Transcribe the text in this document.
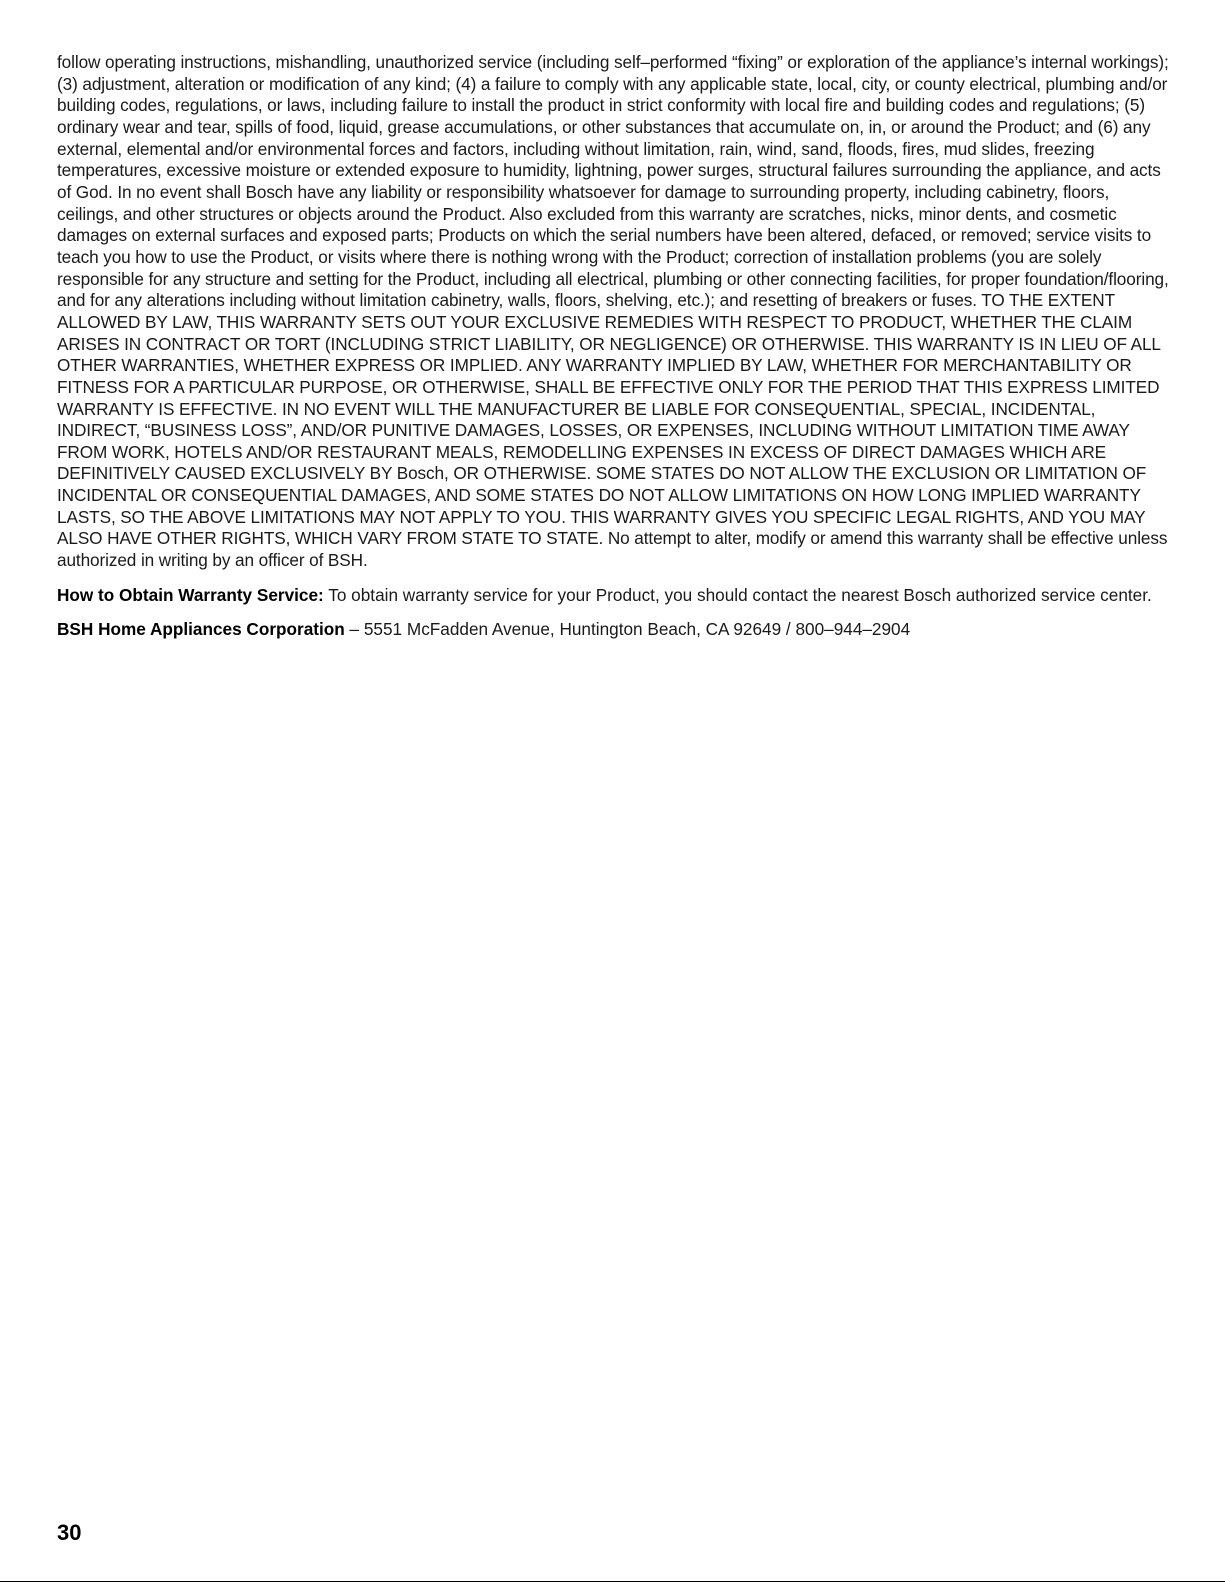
follow operating instructions, mishandling, unauthorized service (including self–performed “fixing” or exploration of the appliance’s internal workings); (3) adjustment, alteration or modification of any kind; (4) a failure to comply with any applicable state, local, city, or county electrical, plumbing and/or building codes, regulations, or laws, including failure to install the product in strict conformity with local fire and building codes and regulations; (5) ordinary wear and tear, spills of food, liquid, grease accumulations, or other substances that accumulate on, in, or around the Product; and (6) any external, elemental and/or environmental forces and factors, including without limitation, rain, wind, sand, floods, fires, mud slides, freezing temperatures, excessive moisture or extended exposure to humidity, lightning, power surges, structural failures surrounding the appliance, and acts of God. In no event shall Bosch have any liability or responsibility whatsoever for damage to surrounding property, including cabinetry, floors, ceilings, and other structures or objects around the Product. Also excluded from this warranty are scratches, nicks, minor dents, and cosmetic damages on external surfaces and exposed parts; Products on which the serial numbers have been altered, defaced, or removed; service visits to teach you how to use the Product, or visits where there is nothing wrong with the Product; correction of installation problems (you are solely responsible for any structure and setting for the Product, including all electrical, plumbing or other connecting facilities, for proper foundation/flooring, and for any alterations including without limitation cabinetry, walls, floors, shelving, etc.); and resetting of breakers or fuses. TO THE EXTENT ALLOWED BY LAW, THIS WARRANTY SETS OUT YOUR EXCLUSIVE REMEDIES WITH RESPECT TO PRODUCT, WHETHER THE CLAIM ARISES IN CONTRACT OR TORT (INCLUDING STRICT LIABILITY, OR NEGLIGENCE) OR OTHERWISE. THIS WARRANTY IS IN LIEU OF ALL OTHER WARRANTIES, WHETHER EXPRESS OR IMPLIED. ANY WARRANTY IMPLIED BY LAW, WHETHER FOR MERCHANTABILITY OR FITNESS FOR A PARTICULAR PURPOSE, OR OTHERWISE, SHALL BE EFFECTIVE ONLY FOR THE PERIOD THAT THIS EXPRESS LIMITED WARRANTY IS EFFECTIVE. IN NO EVENT WILL THE MANUFACTURER BE LIABLE FOR CONSEQUENTIAL, SPECIAL, INCIDENTAL, INDIRECT, “BUSINESS LOSS”, AND/OR PUNITIVE DAMAGES, LOSSES, OR EXPENSES, INCLUDING WITHOUT LIMITATION TIME AWAY FROM WORK, HOTELS AND/OR RESTAURANT MEALS, REMODELLING EXPENSES IN EXCESS OF DIRECT DAMAGES WHICH ARE DEFINITIVELY CAUSED EXCLUSIVELY BY Bosch, OR OTHERWISE. SOME STATES DO NOT ALLOW THE EXCLUSION OR LIMITATION OF INCIDENTAL OR CONSEQUENTIAL DAMAGES, AND SOME STATES DO NOT ALLOW LIMITATIONS ON HOW LONG IMPLIED WARRANTY LASTS, SO THE ABOVE LIMITATIONS MAY NOT APPLY TO YOU. THIS WARRANTY GIVES YOU SPECIFIC LEGAL RIGHTS, AND YOU MAY ALSO HAVE OTHER RIGHTS, WHICH VARY FROM STATE TO STATE. No attempt to alter, modify or amend this warranty shall be effective unless authorized in writing by an officer of BSH.

How to Obtain Warranty Service: To obtain warranty service for your Product, you should contact the nearest Bosch authorized service center.

BSH Home Appliances Corporation – 5551 McFadden Avenue, Huntington Beach, CA 92649 / 800–944–2904

30
